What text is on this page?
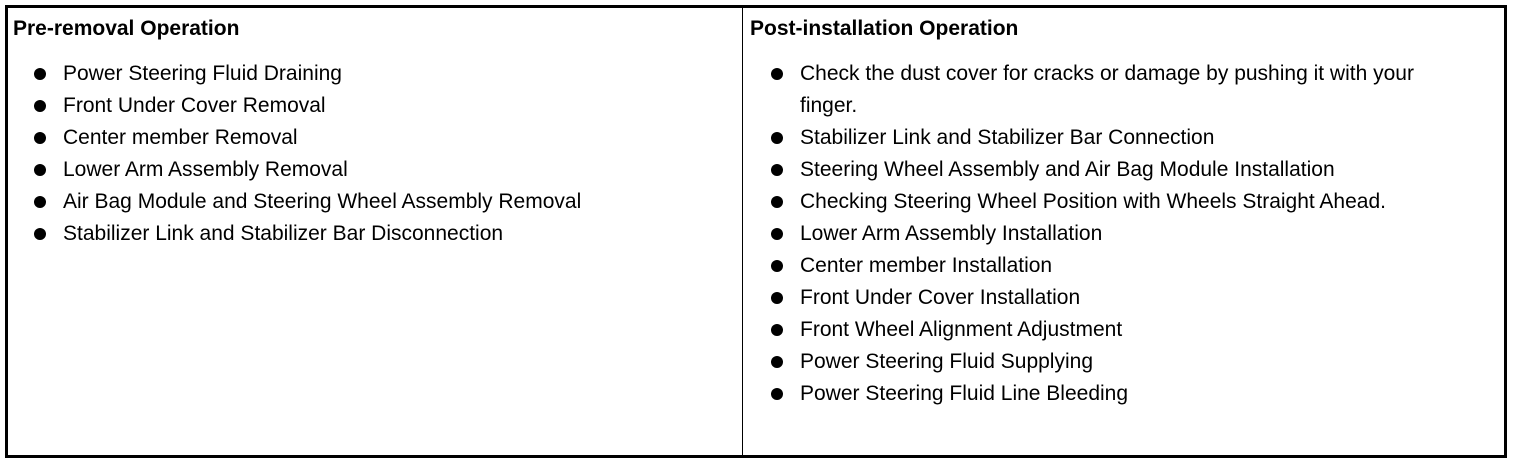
Pre-removal Operation
Power Steering Fluid Draining
Front Under Cover Removal
Center member Removal
Lower Arm Assembly Removal
Air Bag Module and Steering Wheel Assembly Removal
Stabilizer Link and Stabilizer Bar Disconnection
Post-installation Operation
Check the dust cover for cracks or damage by pushing it with your finger.
Stabilizer Link and Stabilizer Bar Connection
Steering Wheel Assembly and Air Bag Module Installation
Checking Steering Wheel Position with Wheels Straight Ahead.
Lower Arm Assembly Installation
Center member Installation
Front Under Cover Installation
Front Wheel Alignment Adjustment
Power Steering Fluid Supplying
Power Steering Fluid Line Bleeding
